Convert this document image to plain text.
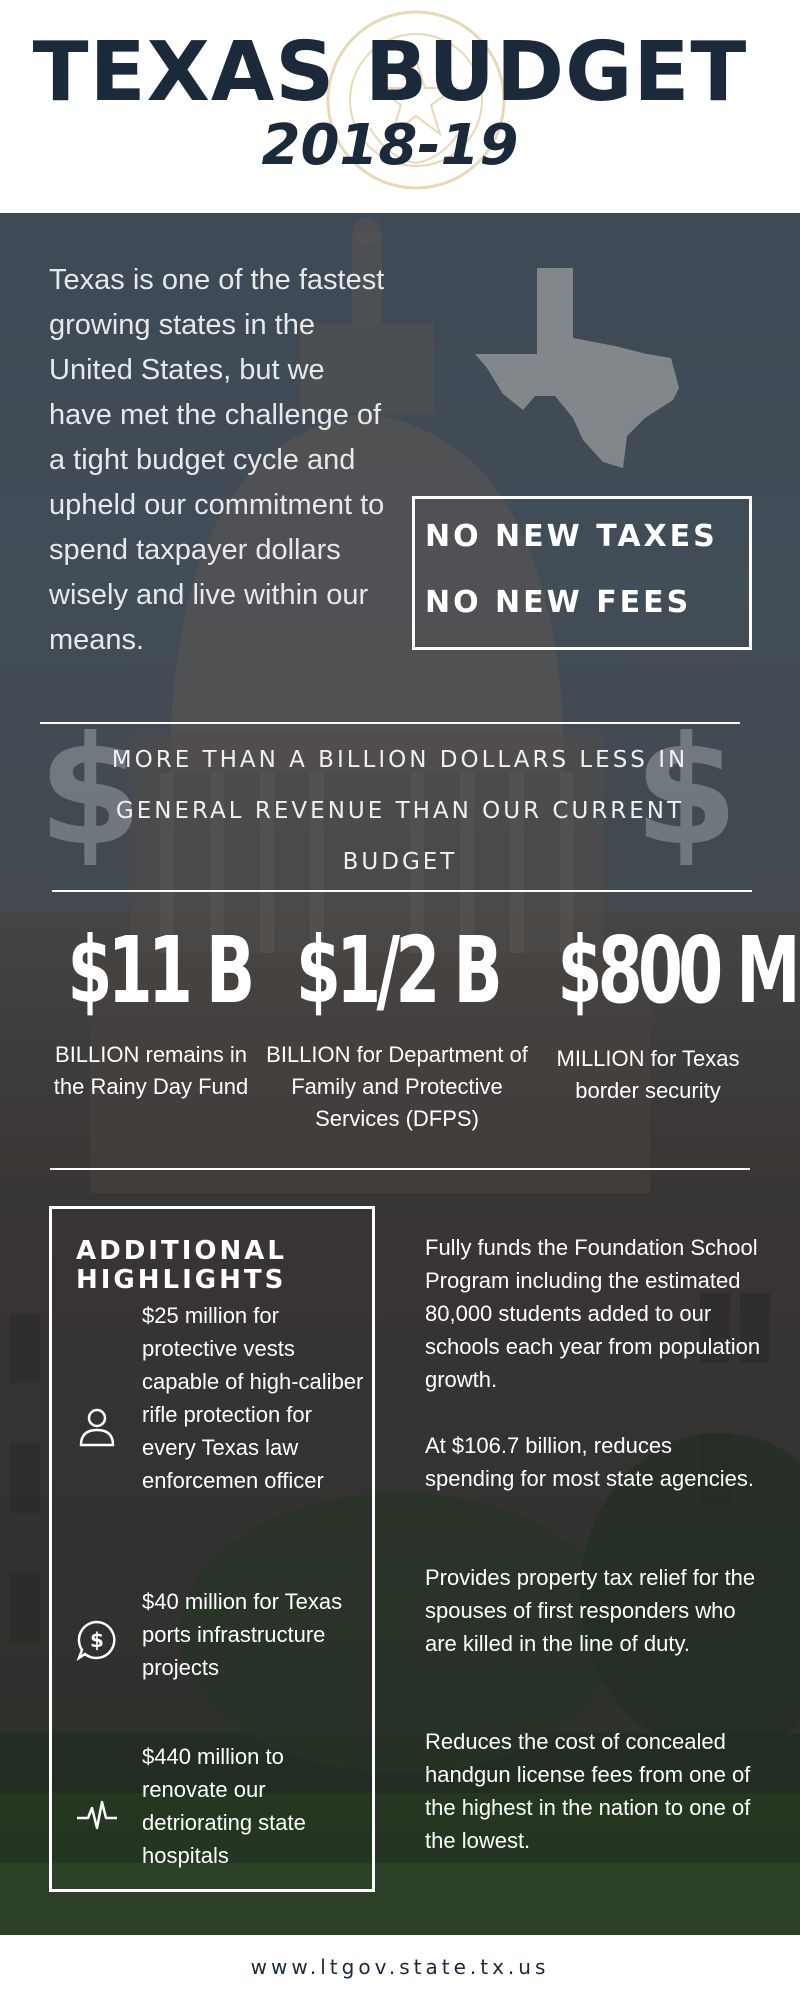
TEXAS BUDGET
2018-19
Texas is one of the fastest growing states in the United States, but we have met the challenge of a tight budget cycle and upheld our commitment to spend taxpayer dollars wisely and live within our means.
NO NEW TAXES
NO NEW FEES
$	$
MORE THAN A BILLION DOLLARS LESS IN GENERAL REVENUE THAN OUR CURRENT BUDGET
$11 B
BILLION remains in the Rainy Day Fund
$1/2 B
BILLION for Department of Family and Protective Services (DFPS)
$800 M
MILLION for Texas border security
ADDITIONAL HIGHLIGHTS
$25 million for protective vests capable of high-caliber rifle protection for every Texas law enforcemen officer
$
$40 million for Texas ports infrastructure projects
$440 million to renovate our detriorating state hospitals
Fully funds the Foundation School Program including the estimated 80,000 students added to our schools each year from population growth.
At $106.7 billion, reduces spending for most state agencies.
Provides property tax relief for the spouses of first responders who are killed in the line of duty.
Reduces the cost of concealed handgun license fees from one of the highest in the nation to one of the lowest.
www.ltgov.state.tx.us
